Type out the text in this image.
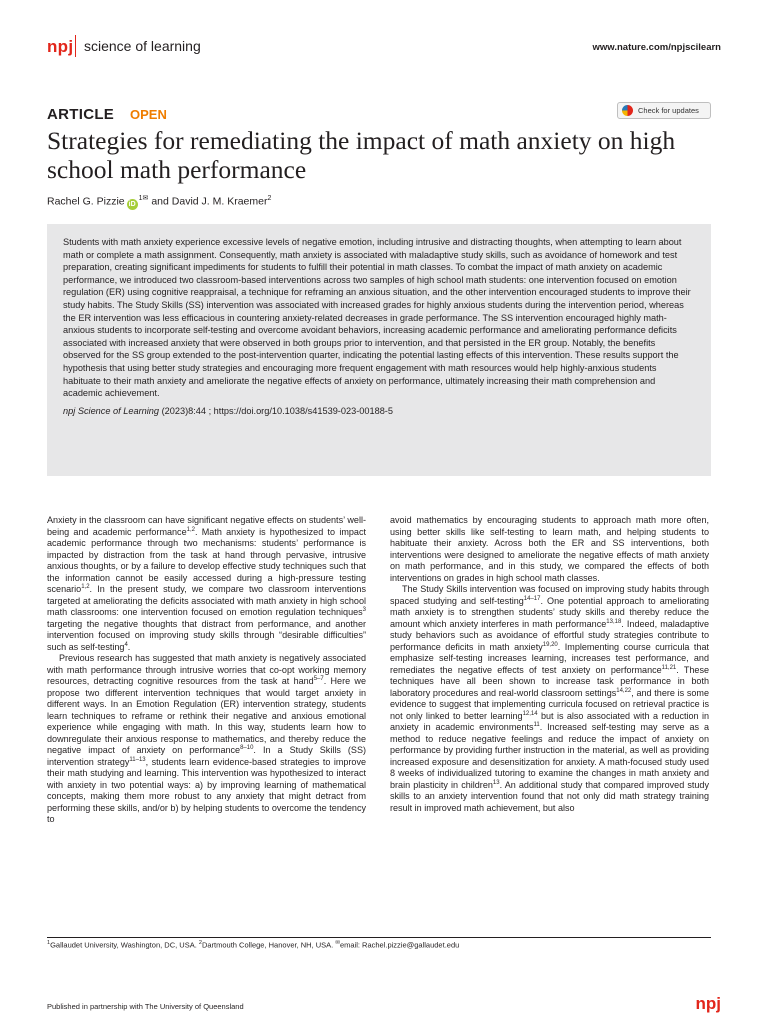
npj science of learning	www.nature.com/npjscilearn
ARTICLE OPEN	Check for updates
Strategies for remediating the impact of math anxiety on high school math performance
Rachel G. Pizzie $iD^{1✉}$ and David J. M. Kraemer$^2$
Students with math anxiety experience excessive levels of negative emotion, including intrusive and distracting thoughts, when attempting to learn about math or complete a math assignment. Consequently, math anxiety is associated with maladaptive study skills, such as avoidance of homework and test preparation, creating significant impediments for students to fulfill their potential in math classes. To combat the impact of math anxiety on academic performance, we introduced two classroom-based interventions across two samples of high school math students: one intervention focused on emotion regulation (ER) using cognitive reappraisal, a technique for reframing an anxious situation, and the other intervention encouraged students to improve their study habits. The Study Skills (SS) intervention was associated with increased grades for highly anxious students during the intervention period, whereas the ER intervention was less efficacious in countering anxiety-related decreases in grade performance. The SS intervention encouraged highly math-anxious students to incorporate self-testing and overcome avoidant behaviors, increasing academic performance and ameliorating performance deficits associated with increased anxiety that were observed in both groups prior to intervention, and that persisted in the ER group. Notably, the benefits observed for the SS group extended to the post-intervention quarter, indicating the potential lasting effects of this intervention. These results support the hypothesis that using better study strategies and encouraging more frequent engagement with math resources would help highly-anxious students habituate to their math anxiety and ameliorate the negative effects of anxiety on performance, ultimately increasing their math comprehension and academic achievement.
npj Science of Learning (2023)8:44 ; https://doi.org/10.1038/s41539-023-00188-5

Anxiety in the classroom can have significant negative effects on students’ well-being and academic performance$^{1,2}$. Math anxiety is hypothesized to impact academic performance through two mechanisms: students’ performance is impacted by distraction from the task at hand through pervasive, intrusive anxious thoughts, or by a failure to develop effective study techniques such that the information cannot be easily accessed during a high-pressure testing scenario$^{1,2}$. In the present study, we compare two classroom interventions targeted at ameliorating the deficits associated with math anxiety in high school math classrooms: one intervention focused on emotion regulation techniques$^3$ targeting the negative thoughts that distract from performance, and another intervention focused on improving study skills through “desirable difficulties” such as self-testing$^4$.

Previous research has suggested that math anxiety is negatively associated with math performance through intrusive worries that co-opt working memory resources, detracting cognitive resources from the task at hand$^{5-7}$. Here we propose two different intervention techniques that would target anxiety in different ways. In an Emotion Regulation (ER) intervention strategy, students learn techniques to reframe or rethink their negative and anxious emotional experience while engaging with math. In this way, students learn how to downregulate their anxious response to mathematics, and thereby reduce the negative impact of anxiety on performance$^{8-10}$. In a Study Skills (SS) intervention strategy$^{11-13}$, students learn evidence-based strategies to improve their math studying and learning. This intervention was hypothesized to interact with anxiety in two potential ways: a) by improving learning of mathematical concepts, making them more robust to any anxiety that might detract from performing these skills, and/or b) by helping students to overcome the tendency to

avoid mathematics by encouraging students to approach math more often, using better skills like self-testing to learn math, and helping students to habituate their anxiety. Across both the ER and SS interventions, both interventions were designed to ameliorate the negative effects of math anxiety on math performance, and in this study, we compared the effects of both interventions on grades in high school math classes.

The Study Skills intervention was focused on improving study habits through spaced studying and self-testing$^{14-17}$. One potential approach to ameliorating math anxiety is to strengthen students’ study skills and thereby reduce the amount which anxiety interferes in math performance$^{13,18}$. Indeed, maladaptive study behaviors such as avoidance of effortful study strategies contribute to performance deficits in math anxiety$^{19,20}$. Implementing course curricula that emphasize self-testing increases learning, increases test performance, and remediates the negative effects of test anxiety on performance$^{11,21}$. These techniques have all been shown to increase task performance in both laboratory procedures and real-world classroom settings$^{14,22}$, and there is some evidence to suggest that implementing curricula focused on retrieval practice is not only linked to better learning$^{12,14}$ but is also associated with a reduction in anxiety in academic environments$^{11}$. Increased self-testing may serve as a method to reduce negative feelings and reduce the impact of anxiety on performance by providing further instruction in the material, as well as providing increased exposure and desensitization for anxiety. A math-focused study used 8 weeks of individualized tutoring to examine the changes in math anxiety and brain plasticity in children$^{13}$. An additional study that compared improved study skills to an anxiety intervention found that not only did math strategy training result in improved math achievement, but also

$^1$Gallaudet University, Washington, DC, USA. $^2$Dartmouth College, Hanover, NH, USA. ✉email: Rachel.pizzie@gallaudet.edu
Published in partnership with The University of Queensland	npj
